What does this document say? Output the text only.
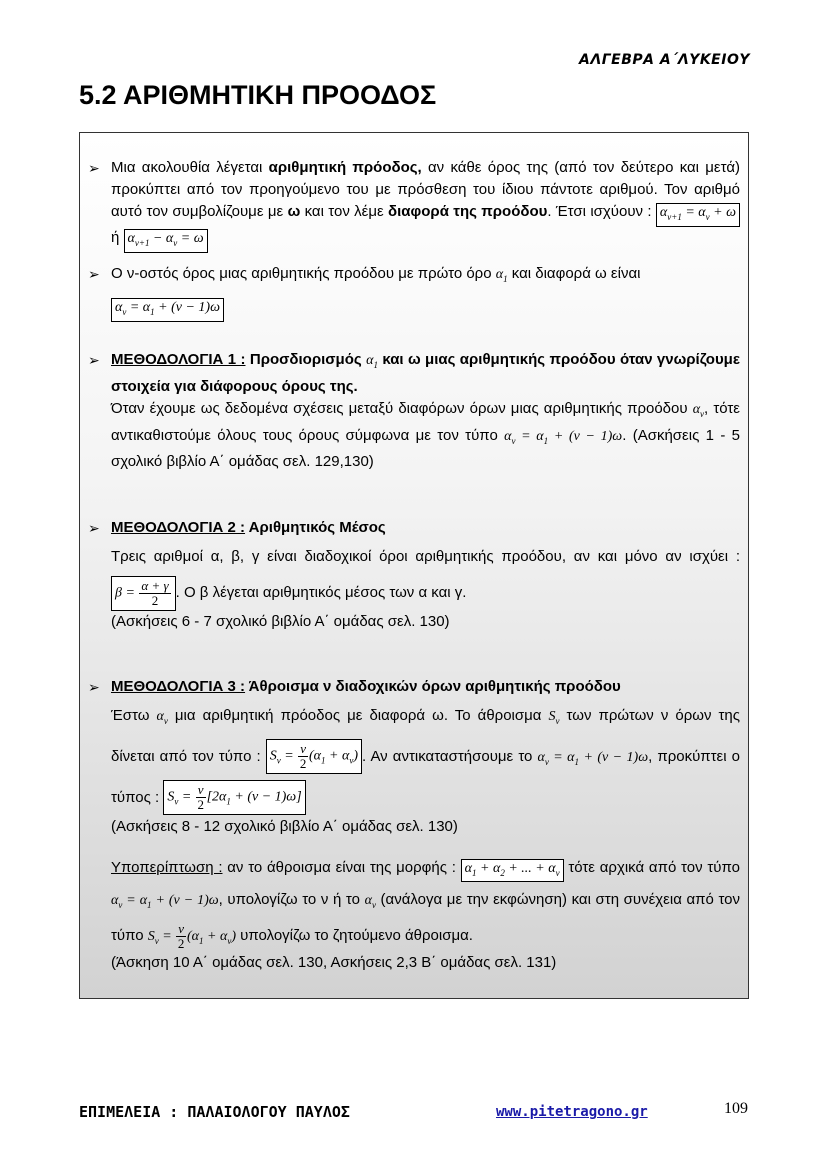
ΑΛΓΕΒΡΑ Α΄ΛΥΚΕΙΟΥ
5.2 ΑΡΙΘΜΗΤΙΚΗ ΠΡΟΟΔΟΣ
➢ Μια ακολουθία λέγεται αριθμητική πρόοδος, αν κάθε όρος της (από τον δεύτερο και μετά) προκύπτει από τον προηγούμενο του με πρόσθεση του ίδιου πάντοτε αριθμού. Τον αριθμό αυτό τον συμβολίζουμε με ω και τον λέμε διαφορά της προόδου. Έτσι ισχύουν : $\alpha_{\nu+1} = \alpha_\nu + \omega$ ή $\alpha_{\nu+1} - \alpha_\nu = \omega$

➢ Ο ν-οστός όρος μιας αριθμητικής προόδου με πρώτο όρο $\alpha_1$ και διαφορά ω είναι

$\alpha_\nu = \alpha_1 + (\nu - 1)\omega$

➢ ΜΕΘΟΔΟΛΟΓΙΑ 1 : Προσδιορισμός $\alpha_1$ και ω μιας αριθμητικής προόδου όταν γνωρίζουμε στοιχεία για διάφορους όρους της.

Όταν έχουμε ως δεδομένα σχέσεις μεταξύ διαφόρων όρων μιας αριθμητικής προόδου $\alpha_\nu$, τότε αντικαθιστούμε όλους τους όρους σύμφωνα με τον τύπο $\alpha_\nu = \alpha_1 + (\nu - 1)\omega$. (Ασκήσεις 1 - 5 σχολικό βιβλίο Α΄ ομάδας σελ. 129,130)

➢ ΜΕΘΟΔΟΛΟΓΙΑ 2 : Αριθμητικός Μέσος

Τρεις αριθμοί α, β, γ είναι διαδοχικοί όροι αριθμητικής προόδου, αν και μόνο αν ισχύει : $\beta = \frac{\alpha + \gamma}{2}$ . Ο β λέγεται αριθμητικός μέσος των α και γ.

(Ασκήσεις 6 - 7 σχολικό βιβλίο Α΄ ομάδας σελ. 130)

➢ ΜΕΘΟΔΟΛΟΓΙΑ 3 : Άθροισμα ν διαδοχικών όρων αριθμητικής προόδου

Έστω $\alpha_\nu$ μια αριθμητική πρόοδος με διαφορά ω. Το άθροισμα $S_\nu$ των πρώτων ν όρων της δίνεται από τον τύπο : $S_\nu = \frac{\nu}{2} (\alpha_1 + \alpha_\nu)$ . Αν αντικαταστήσουμε το $\alpha_\nu = \alpha_1 + (\nu - 1)\omega$, προκύπτει ο τύπος : $S_\nu = \frac{\nu}{2} [2\alpha_1 + (\nu - 1)\omega]$

(Ασκήσεις 8 - 12 σχολικό βιβλίο Α΄ ομάδας σελ. 130)

Υποπερίπτωση : αν το άθροισμα είναι της μορφής : $\alpha_1 + \alpha_2$ + ... + $\alpha_\nu$ τότε αρχικά από τον τύπο $\alpha_\nu = \alpha_1 + (\nu - 1)\omega$, υπολογίζω το ν ή το $\alpha_\nu$ (ανάλογα με την εκφώνηση) και στη συνέχεια από τον τύπο $S_\nu = \frac{\nu}{2} (\alpha_1 + \alpha_\nu)$ υπολογίζω το ζητούμενο άθροισμα.

(Άσκηση 10 Α΄ ομάδας σελ. 130, Ασκήσεις 2,3 Β΄ ομάδας σελ. 131)

ΕΠΙΜΕΛΕΙΑ : ΠΑΛΑΙΟΛΟΓΟΥ ΠΑΥΛΟΣ	www.pitetragono.gr	109
